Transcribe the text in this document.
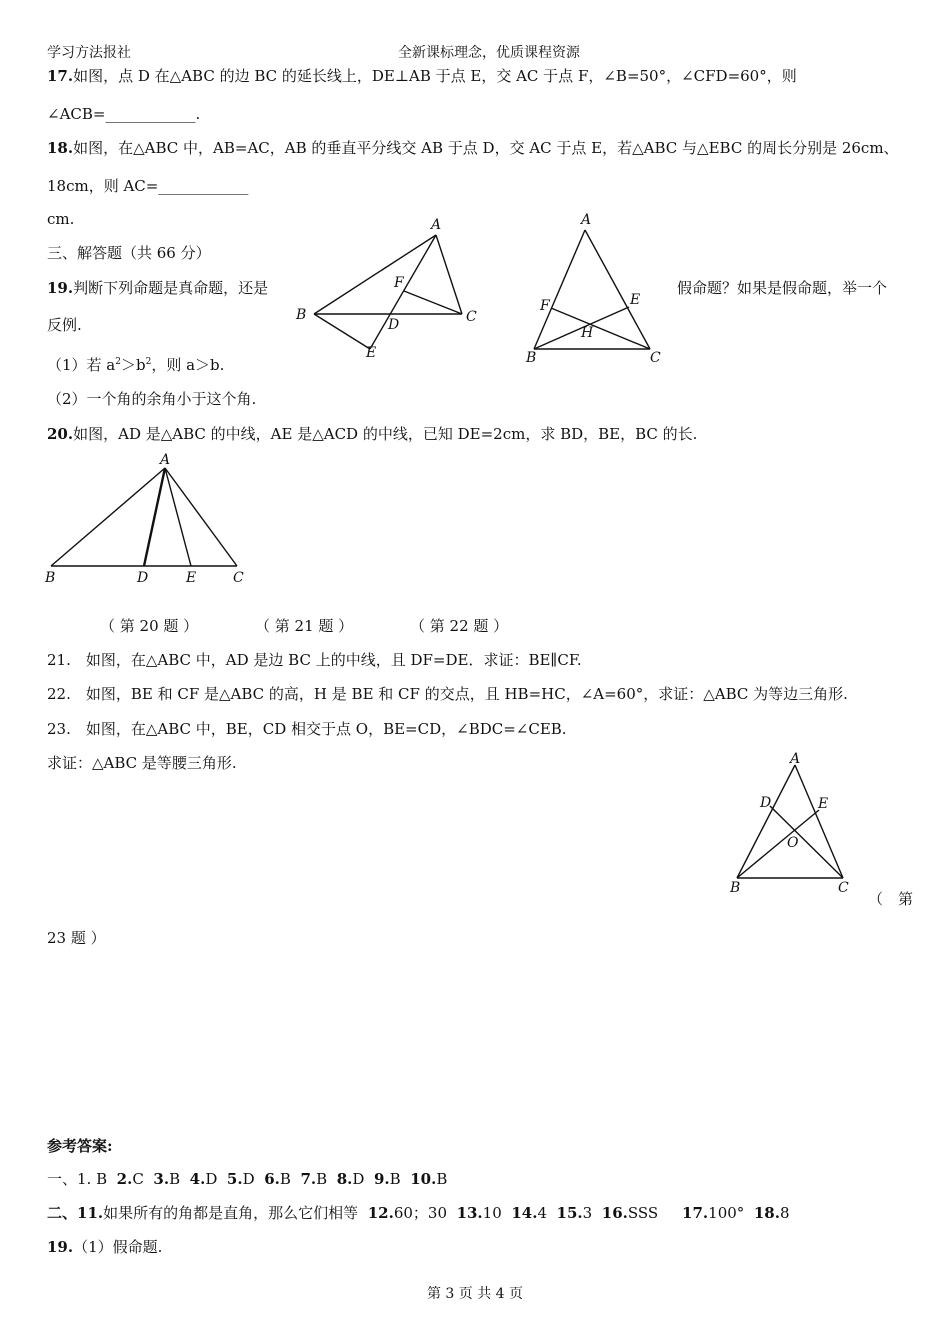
学习方法报社	全新课标理念，优质课程资源
17.如图，点 D 在△ABC 的边 BC 的延长线上，DE⊥AB 于点 E，交 AC 于点 F，∠B=50°，∠CFD=60°，则
∠ACB=____________.
18.如图，在△ABC 中，AB=AC，AB 的垂直平分线交 AB 于点 D，交 AC 于点 E，若△ABC 与△EBC 的周长分别是 26cm、
18cm，则 AC=____________
cm.
三、解答题（共 66 分）
19.判断下列命题是真命题，还是	假命题？如果是假命题，举一个
反例.
（1）若 $a^2>b^2$，则 a＞b.
（2）一个角的余角小于这个角.
A
B	C
D
E
F
A
B	C
E
F
H
20.如图，AD 是△ABC 的中线，AE 是△ACD 的中线，已知 DE=2cm，求 BD，BE，BC 的长.
A
B	D	E	C
（ 第 20 题 ）	（ 第 21 题 ）	（ 第 22 题 ）
21.　如图，在△ABC 中，AD 是边 BC 上的中线，且 DF=DE．求证：BE∥CF.
22.　如图，BE 和 CF 是△ABC 的高，H 是 BE 和 CF 的交点，且 HB=HC，∠A=60°，求证：△ABC 为等边三角形.
23.　如图，在△ABC 中，BE，CD 相交于点 O，BE=CD，∠BDC=∠CEB.
求证：△ABC 是等腰三角形.	A
D	E
O
B	C
（　第
23 题 ）
参考答案:
一、1. B 2.C 3.B 4.D 5.D 6.B 7.B 8.D 9.B 10.B
二、11.如果所有的角都是直角，那么它们相等 12.60；30 13.10 14.4 15.3 16.SSS 17.100° 18.8
19.（1）假命题.
第 3 页 共 4 页
